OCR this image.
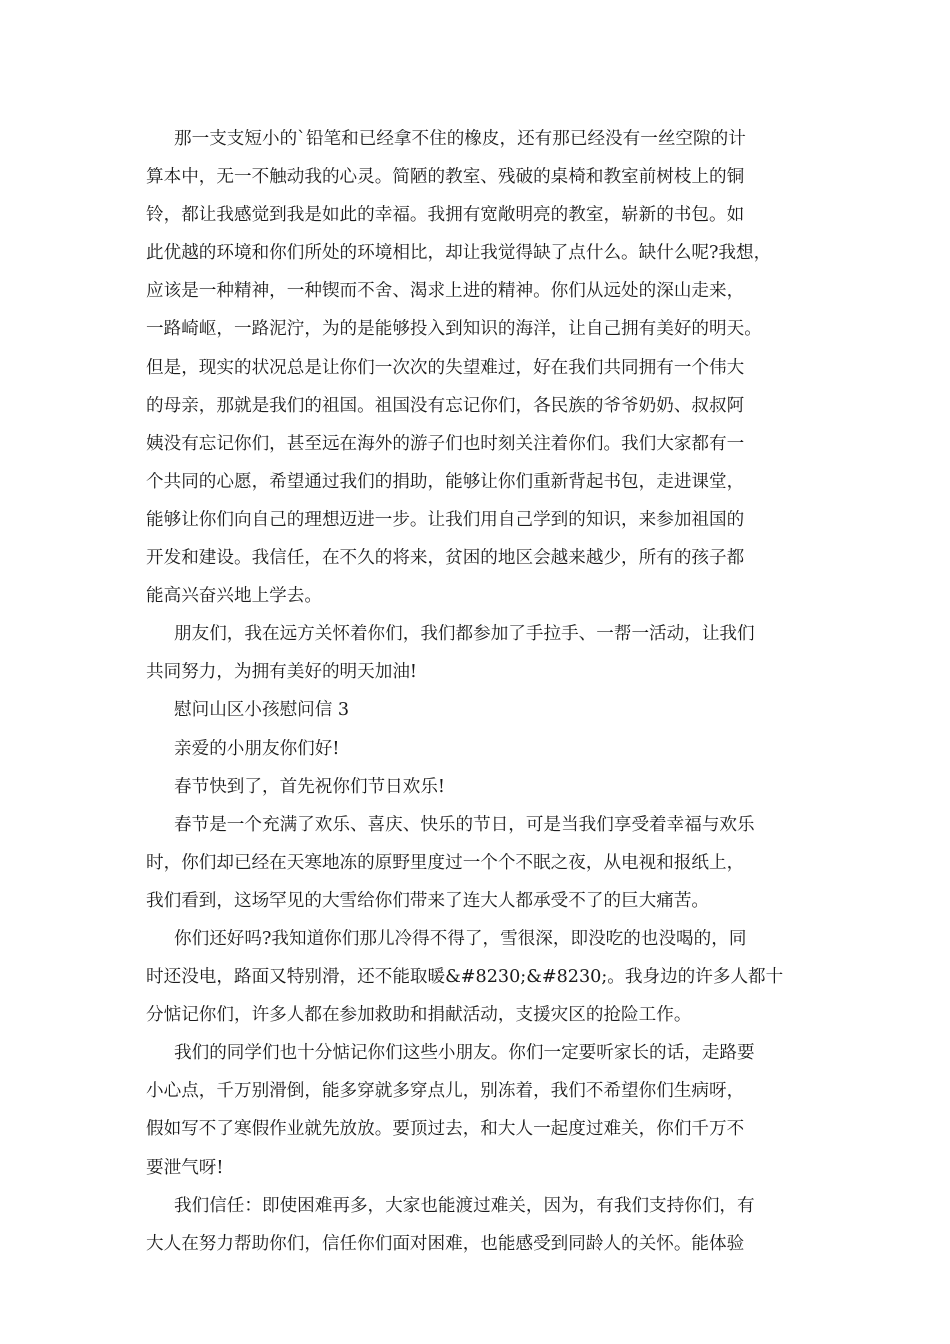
那一支支短小的`铅笔和已经拿不住的橡皮，还有那已经没有一丝空隙的计
算本中，无一不触动我的心灵。简陋的教室、残破的桌椅和教室前树枝上的铜
铃，都让我感觉到我是如此的幸福。我拥有宽敞明亮的教室，崭新的书包。如
此优越的环境和你们所处的环境相比，却让我觉得缺了点什么。缺什么呢?我想，
应该是一种精神，一种锲而不舍、渴求上进的精神。你们从远处的深山走来，
一路崎岖，一路泥泞，为的是能够投入到知识的海洋，让自己拥有美好的明天。
但是，现实的状况总是让你们一次次的失望难过，好在我们共同拥有一个伟大
的母亲，那就是我们的祖国。祖国没有忘记你们，各民族的爷爷奶奶、叔叔阿
姨没有忘记你们，甚至远在海外的游子们也时刻关注着你们。我们大家都有一
个共同的心愿，希望通过我们的捐助，能够让你们重新背起书包，走进课堂，
能够让你们向自己的理想迈进一步。让我们用自己学到的知识，来参加祖国的
开发和建设。我信任，在不久的将来，贫困的地区会越来越少，所有的孩子都
能高兴奋兴地上学去。
朋友们，我在远方关怀着你们，我们都参加了手拉手、一帮一活动，让我们
共同努力，为拥有美好的明天加油!
慰问山区小孩慰问信 3
亲爱的小朋友你们好!
春节快到了，首先祝你们节日欢乐!
春节是一个充满了欢乐、喜庆、快乐的节日，可是当我们享受着幸福与欢乐
时，你们却已经在天寒地冻的原野里度过一个个不眠之夜，从电视和报纸上，
我们看到，这场罕见的大雪给你们带来了连大人都承受不了的巨大痛苦。
你们还好吗?我知道你们那儿冷得不得了，雪很深，即没吃的也没喝的，同
时还没电，路面又特别滑，还不能取暖&#8230;&#8230;。我身边的许多人都十
分惦记你们，许多人都在参加救助和捐献活动，支援灾区的抢险工作。
我们的同学们也十分惦记你们这些小朋友。你们一定要听家长的话，走路要
小心点，千万别滑倒，能多穿就多穿点儿，别冻着，我们不希望你们生病呀，
假如写不了寒假作业就先放放。要顶过去，和大人一起度过难关，你们千万不
要泄气呀!
我们信任：即使困难再多，大家也能渡过难关，因为，有我们支持你们，有
大人在努力帮助你们，信任你们面对困难，也能感受到同龄人的关怀。能体验
